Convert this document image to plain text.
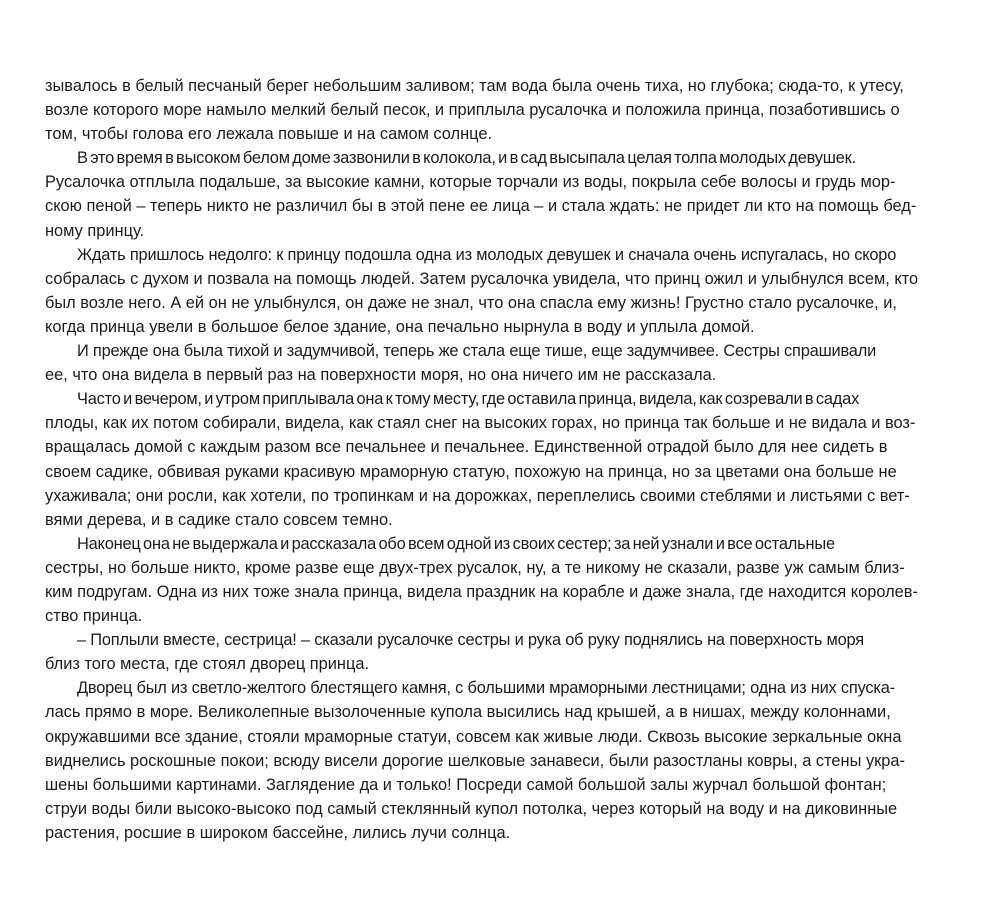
зывалось в белый песчаный берег небольшим заливом; там вода была очень тиха, но глубока; сюда-то, к утесу,
возле которого море намыло мелкий белый песок, и приплыла русалочка и положила принца, позаботившись о
том, чтобы голова его лежала повыше и на самом солнце.

В это время в высоком белом доме зазвонили в колокола, и в сад высыпала целая толпа молодых девушек.
Русалочка отплыла подальше, за высокие камни, которые торчали из воды, покрыла себе волосы и грудь мор-
скою пеной – теперь никто не различил бы в этой пене ее лица – и стала ждать: не придет ли кто на помощь бед-
ному принцу.

Ждать пришлось недолго: к принцу подошла одна из молодых девушек и сначала очень испугалась, но скоро
собралась с духом и позвала на помощь людей. Затем русалочка увидела, что принц ожил и улыбнулся всем, кто
был возле него. А ей он не улыбнулся, он даже не знал, что она спасла ему жизнь! Грустно стало русалочке, и,
когда принца увели в большое белое здание, она печально нырнула в воду и уплыла домой.

И прежде она была тихой и задумчивой, теперь же стала еще тише, еще задумчивее. Сестры спрашивали
ее, что она видела в первый раз на поверхности моря, но она ничего им не рассказала.

Часто и вечером, и утром приплывала она к тому месту, где оставила принца, видела, как созревали в садах
плоды, как их потом собирали, видела, как стаял снег на высоких горах, но принца так больше и не видала и воз-
вращалась домой с каждым разом все печальнее и печальнее. Единственной отрадой было для нее сидеть в
своем садике, обвивая руками красивую мраморную статую, похожую на принца, но за цветами она больше не
ухаживала; они росли, как хотели, по тропинкам и на дорожках, переплелись своими стеблями и листьями с вет-
вями дерева, и в садике стало совсем темно.

Наконец она не выдержала и рассказала обо всем одной из своих сестер; за ней узнали и все остальные
сестры, но больше никто, кроме разве еще двух-трех русалок, ну, а те никому не сказали, разве уж самым близ-
ким подругам. Одна из них тоже знала принца, видела праздник на корабле и даже знала, где находится королев-
ство принца.

– Поплыли вместе, сестрица! – сказали русалочке сестры и рука об руку поднялись на поверхность моря
близ того места, где стоял дворец принца.

Дворец был из светло-желтого блестящего камня, с большими мраморными лестницами; одна из них спуска-
лась прямо в море. Великолепные вызолоченные купола высились над крышей, а в нишах, между колоннами,
окружавшими все здание, стояли мраморные статуи, совсем как живые люди. Сквозь высокие зеркальные окна
виднелись роскошные покои; всюду висели дорогие шелковые занавеси, были разостланы ковры, а стены укра-
шены большими картинами. Заглядение да и только! Посреди самой большой залы журчал большой фонтан;
струи воды били высоко-высоко под самый стеклянный купол потолка, через который на воду и на диковинные
растения, росшие в широком бассейне, лились лучи солнца.
